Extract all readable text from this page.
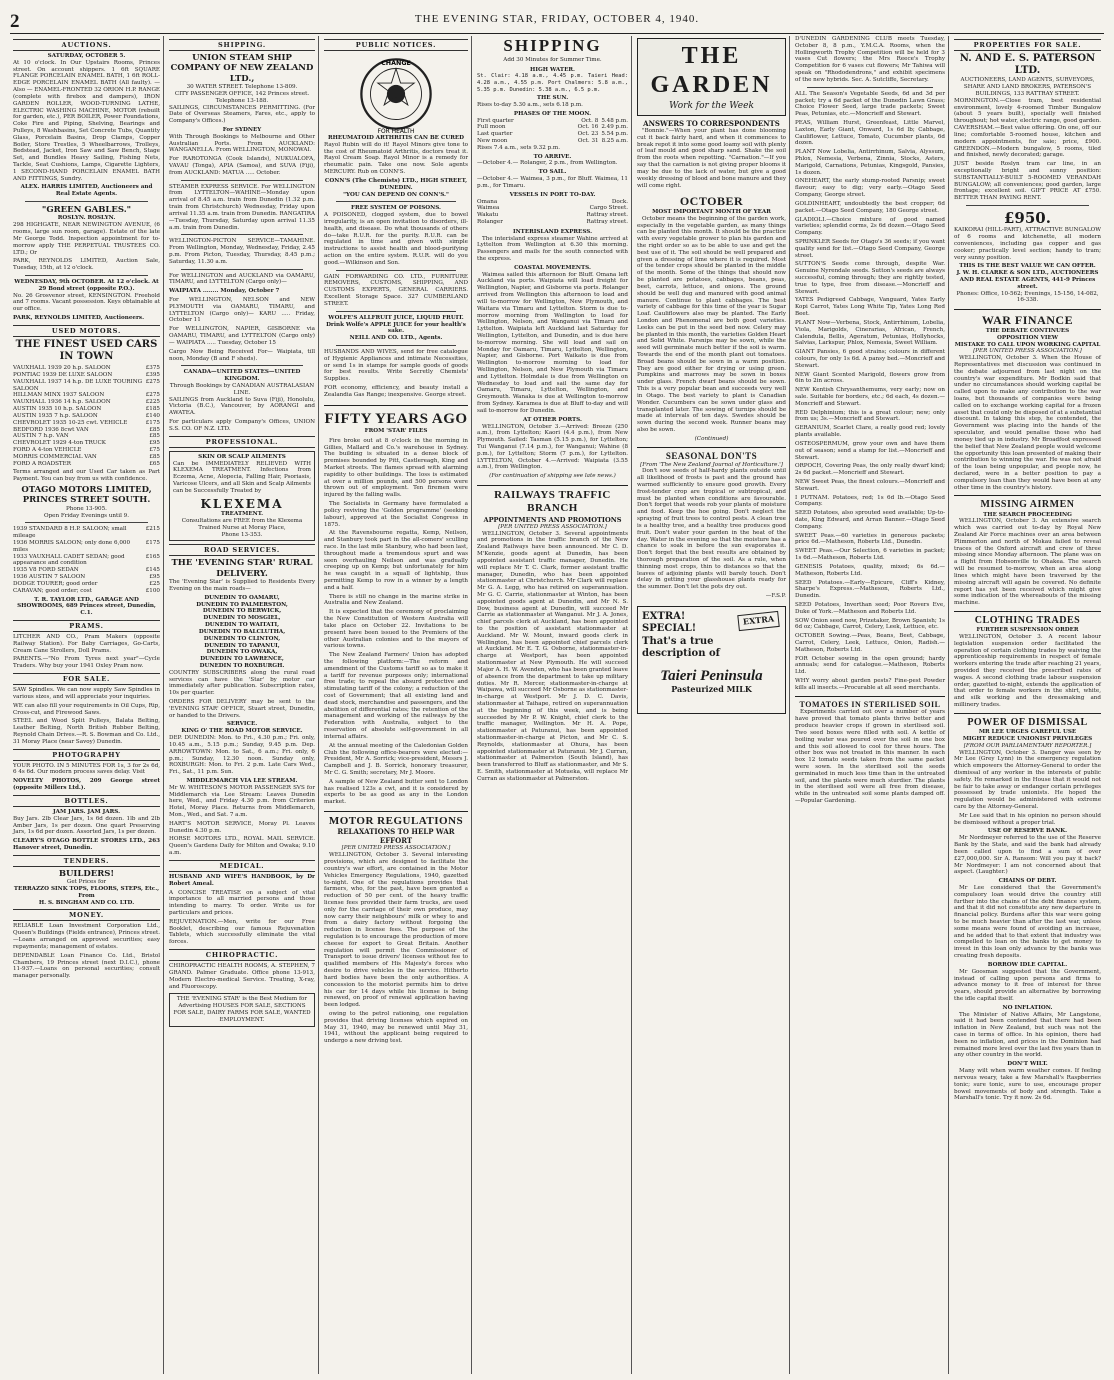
2	THE EVENING STAR, FRIDAY, OCTOBER 4, 1940.
AUCTIONS.
SATURDAY, OCTOBER 5.
At 10 o'clock. In Our Upstairs Rooms, Princes street. On account shippers. 1 6ft SQUARE FLANGE PORCELAIN ENAMEL BATH, 1 6ft ROLL-EDGE PORCELAIN ENAMEL BATH (All faulty). — Also — ENAMEL-FRONTED 32 ORION H.P. RANGE (complete with firebox and dampers), IRON GARDEN ROLLER, WOOD-TURNING LATHE, ELECTRIC WASHING MACHINE, MOTOR (rebuilt for garden, etc.), PER BOILER, Power Foundations, Coke Fire and Piping, Shelving, Bearings and Pulleys, 8 Washbasins, Set Concrete Tubs, Quantity Glass, Porcelain Basins, Drop Clamps, Copper Boiler, Store Trestles, 5 Wheelbarrows, Trolleys, Bedstead, Jacket, Iron Saw and Saw Bench, Stage Set, and Bundles Heavy Sailing, Fishing Nets, Tackle, Seat Cushions, Lamps, Cigarette Lighters, 1 SECOND-HAND PORCELAIN ENAMEL BATH AND FITTINGS, Sundry.
ALEX. HARRIS LIMITED, Auctioneers and Real Estate Agents.
"GREEN GABLES."
ROSLYN. ROSLYN.
298 HIGHGATE, NEAR NEWINGTON AVENUE, (6 rooms, large sun room, garage). Estate of the late Mr George Todd. Inspection appointment for to-morrow apply THE PERPETUAL TRUSTEES CO. LTD.; Or
PARK, REYNOLDS LIMITED, Auction Sale, Tuesday, 15th, at 12 o'clock.
WEDNESDAY, 9th OCTOBER. At 12 o'clock. At 29 Bond street (opposite P.O.).
No. 26 Grosvenor street, KENSINGTON. Freehold and 7 rooms. Vacant possession. Keys obtainable at our office.
PARK, REYNOLDS LIMITED, Auctioneers.
USED MOTORS.
THE FINEST USED CARS IN TOWN
VAUXHALL 1939 20 h.p. SALOON	£375
PONTIAC 1939 DE LUXE SALOON	£395
VAUXHALL 1937 14 h.p. DE LUXE TOURING SALOON
£275
HILLMAN MINX 1937 SALOON	£275
VAUXHALL 1936 14 h.p. SALOON	£225
AUSTIN 1935 10 h.p. SALOON	£185
AUSTIN 1935 7 h.p. SALOON	£140
CHEVROLET 1935 10-25 cwt. VEHICLE	£175
BEDFORD 1936 8cwt VAN	£85
AUSTIN 7 h.p. VAN	£85
CHEVROLET 1929 4-ton TRUCK	£95
FORD A 4-ton VEHICLE	£75
MORRIS COMMERCIAL VAN	£85
FORD A ROADSTER	£65
Terms arranged and our Used Car taken as Part Payment. You can buy from us with confidence.
OTAGO MOTORS LIMITED, PRINCES STREET SOUTH.
Phone 13-905.
Open Friday Evenings until 9.
1939 STANDARD 8 H.P. SALOON; small mileage
£215
1936 MORRIS SALOON; only done 6,000 miles
£175
1933 VAUXHALL CADET SEDAN; good appearance and condition
£165
1935 V8 FORD SEDAN	£145
1936 AUSTIN 7 SALOON	£95
DODGE TOURER; good order	£25
CARAVAN; good order; cost	£100
T. R. TAYLOR LTD., GARAGE AND SHOWROOMS, 689 Princes street, Dunedin, C.1.
PRAMS.
LITCHER AND CO., Pram Makers (opposite Railway Station). For Baby Carriages, Go-Carts, Cream Cane Strollers, Doll Prams.
PARENTS.—"No From Tyres next year"—Cycle Traders. Why buy your 1941 Oxley Pram now.
FOR SALE.
SAW Spindles. We can now supply Saw Spindles in various sizes, and will appreciate your inquiries.
WE can also fill your requirements in Oil Cups, Rip, Cross-cut, and Firewood Saws.
STEEL and Wood Split Pulleys, Balata Belting, Leather Belting, North British Rubber Belting, Reynold Chain Drives.—R. S. Bowman and Co. Ltd., 31 Moray Place (near Savoy) Dunedin.
PHOTOGRAPHY
YOUR PHOTO. IN 5 MINUTES FOR 1s, 3 for 2s 6d, 6 4s 6d. Our modern process saves delay. Visit
NOVELTY PHOTOS, 209 George street (opposite Millers Ltd.).
BOTTLES.
JAM JARS. JAM JARS.
Buy Jars. 2lb Clear Jars, 1s 6d dozen. 1lb and 2lb Amber Jars, 1s per dozen. One quart Preserving Jars, 1s 6d per dozen. Assorted Jars, 1s per dozen.
CLEARY'S OTAGO BOTTLE STORES LTD., 263 Hanover street, Dunedin.
TENDERS.
BUILDERS!
Get Prices for
TERRAZZO SINK TOPS, FLOORS, STEPS, Etc., From
H. S. BINGHAM AND CO. LTD.
MONEY.
RELIABLE Loan Investment Corporation Ltd., Queen's Buildings (Fields entrance), Princes street.—Loans arranged on approved securities; easy repayments; management of estates.
DEPENDABLE Loan Finance Co. Ltd., Bristol Chambers, 19 Princes street (next D.I.C.), phone 11-937.—Loans on personal securities; consult manager personally.
SHIPPING.
UNION STEAM SHIP COMPANY OF NEW ZEALAND LTD.,
30 WATER STREET. Telephone 13-809.
CITY PASSENGER OFFICE, 142 Princes street. Telephone 13-188.
SAILINGS, CIRCUMSTANCES PERMITTING. (For Date of Overseas Steamers, Fares, etc., apply to Company's Offices.)
For SYDNEY
With Through Bookings to Melbourne and Other Australian Ports. From AUCKLAND: WANGANELLA. From WELLINGTON, MONOWAI.
For RAROTONGA (Cook Islands), NUKUALOFA, VAVAU (Tonga), APIA (Samoa), and SUVA (Fiji), from AUCKLAND: MATUA ..... October.
STEAMER EXPRESS SERVICE. For WELLINGTON from LYTTELTON—WAHINE—Monday upon arrival of 8.45 a.m. train from Dunedin (1.32 p.m. train from Christchurch) Wednesday, Friday upon arrival 11.35 a.m. train from Dunedin. RANGATIRA—Tuesday, Thursday, Saturday upon arrival 11.35 a.m. train from Dunedin.
WELLINGTON-PICTON SERVICE—TAMAHINE. From Wellington, Monday, Wednesday, Friday, 2.45 p.m. From Picton, Tuesday, Thursday, 8.45 p.m.; Saturday, 11.30 a.m.
For WELLINGTON and AUCKLAND via OAMARU, TIMARU, and LYTTELTON (Cargo only)—
WAIPIATA ........ Monday, October 7
For WELLINGTON, NELSON and NEW PLYMOUTH via OAMARU, TIMARU, and LYTTELTON (Cargo only)— KARU ..... Friday, October 11
For WELLINGTON, NAPIER, GISBORNE via OAMARU, TIMARU, and LYTTELTON (Cargo only)— WAIPIATA ..... Tuesday, October 15
Cargo Now Being Received For— Waipiata, till noon, Monday (B and F sheds).
CANADA—UNITED STATES—UNITED KINGDOM.
Through Bookings by CANADIAN AUSTRALASIAN LINE.
SAILINGS from Auckland to Suva (Fiji), Honolulu, Victoria (B.C.), Vancouver, by AORANGI and AWATEA.
For particulars apply Company's Offices, UNION S.S. CO. OF N.Z. LTD.
PROFESSIONAL.
SKIN OR SCALP AILMENTS
Can be IMMEDIATELY RELIEVED WITH KLEXEMA TREATMENT. Infections from Eczema, Acne, Alopecia, Falling Hair, Psoriasis, Varicose Ulcers, and all Skin and Scalp Ailments can be Successfully Treated by
KLEXEMA
TREATMENT.
Consultations are FREE from the Klexema Trained Nurse at Moray Place,
Phone 13-353.
ROAD SERVICES.
THE 'EVENING STAR' RURAL DELIVERY.
The 'Evening Star' is Supplied to Residents Every Evening on the main roads—
DUNEDIN TO OAMARU,
DUNEDIN TO PALMERSTON,
DUNEDIN TO BERWICK,
DUNEDIN TO MOSGIEL,
DUNEDIN TO WAITATI,
DUNEDIN TO BALCLUTHA,
DUNEDIN TO CLINTON,
DUNEDIN TO TAPANUI,
DUNEDIN TO OWAKA,
DUNEDIN TO LAWRENCE,
DUNEDIN TO ROXBURGH.
COUNTRY SUBSCRIBERS along the rural road services can have the 'Star' by motor car immediately after publication. Subscription rates, 10s per quarter.
ORDERS FOR DELIVERY may be sent to the 'EVENING STAR' OFFICE, Stuart street, Dunedin, or handed to the Drivers.
SERVICE.
KING O' THE ROAD MOTOR SERVICE.
DEP. DUNEDIN: Mon. to Fri., 4.30 p.m.; Fri. only, 10.45 a.m., 5.15 p.m.; Sunday, 9.45 p.m. Dep. ARROWTOWN: Mon. to Sat., 6 a.m.; Fri. only, 6 p.m.; Sunday, 12.30 noon. Sunday only, ROXBURGH: Mon. to Fri. 2 p.m. Late Cars Wed., Fri., Sat., 11 p.m. Sun.
MIDDLEMARCH VIA LEE STREAM.
Mr W. WHITESON'S MOTOR PASSENGER SVS for Middlemarch via Lee Stream: Leaves Dunedin here, Wed., and Friday 4.30 p.m. from Criterion Hotel, Moray Place. Returns from Middlemarch, Mon., Wed., and Sat. 7 a.m.
HART'S MOTOR SERVICE, Moray Pl. Leaves Dunedin 4.30 p.m.
HORSE MOTORS LTD., ROYAL MAIL SERVICE. Queen's Gardens Daily for Milton and Owaka; 9.10 a.m.
MEDICAL.
HUSBAND AND WIFE'S HANDBOOK, by Dr Robert Ameal.
A CONCISE TREATISE on a subject of vital importance to all married persons and those intending to marry. To order. Write us for particulars and prices.
REJUVENATION.—Men, write for our Free Booklet, describing our famous Rejuvenation Tablets, which successfully eliminate the vital forces.
CHIROPRACTIC.
CHIROPRACTIC HEALTH ROOMS, A. STEPHEN, 7 GRAND. Palmer Graduate. Office phone 13-913, Modern Electro-medical Service. Treating, X-ray, and Fluoroscopy.
THE 'EVENING STAR' is the Best Medium for Advertising HOUSES FOR SALE, SECTIONS FOR SALE, DAIRY FARMS FOR SALE, WANTED EMPLOYMENT.
PUBLIC NOTICES.
CHANGE
FOR HEALTH
RHEUMATOID ARTHRITIS CAN BE CURED
Rayol Rubin will do it! Rayol Minors give tone to the cost of Rheumatoid Arthritis, doctors treat it. Rayol Cream Soap. Rayol Minor is a remedy for rheumatic pain. Take one now. Sole agents MERCURY. Rub on CONN'S.
CONN'S (The Chemists) LTD., HIGH STREET, DUNEDIN.
"YOU CAN DEPEND ON CONN'S."
FREE SYSTEM OF POISONS.
A POISONED, clogged system, due to bowel irregularity, is an open invitation to disorders, ill-health, and disease. Do what thousands of others do—take R.U.R. for the purity. R.U.R. can be regulated in time and given with simple instructions to assist health and blood-purifying action on the entire system. R.U.R. will do you good.—Wilkinson and Son.
GAIN FORWARDING CO. LTD., FURNITURE REMOVERS, CUSTOMS, SHIPPING, AND CUSTOMS EXPERTS, GENERAL CARRIERS. Excellent Storage Space. 327 CUMBERLAND STREET.
WOLFE'S ALLFRUIT JUICE, LIQUID FRUIT. Drink Wolfe's APPLE JUICE for your health's sake.
NEILL AND CO. LTD., Agents.
HUSBANDS AND WIVES, send for free catalogue of Hygienic Appliances and intimate Necessities, or send 1s in stamps for sample goods of goods for best results. Write Secretly Chemists' Supplies.
FOR economy, efficiency, and beauty install a Zealandia Gas Range; inexpensive. George street.
FIFTY YEARS AGO
FROM 'STAR' FILES
Fire broke out at 8 o'clock in the morning in Gillies, Mallard and Co.'s warehouse in Sydney. The building is situated in a dense block of premises bounded by Pitt, Castlereagh, King and Market streets. The flames spread with alarming rapidity to other buildings. The loss is estimated at over a million pounds, and 500 persons were thrown out of employment. Ten firemen were injured by the falling walls.
The Socialists in Germany have formulated a policy reviving the 'Golden programme' (seeking labour), approved at the Socialist Congress in 1875.
At the Ravensbourne regatta, Kemp, Neilson, and Stanbury took part in the all-comers' sculling race. In the last mile Stanbury, who had been last, throughout made a tremendous spurt and was seen overhauling Neilson and was gradually creeping up on Kemp; but unfortunately for him he was caught in a squall of lightship, thus permitting Kemp to row in a winner by a length and a half.
There is still no change in the marine strike in Australia and New Zealand.
It is expected that the ceremony of proclaiming the New Constitution of Western Australia will take place on October 22. Invitations to be present have been issued to the Premiers of the other Australian colonies and to the mayors of various towns.
The New Zealand Farmers' Union has adopted the following platform:—The reform and amendment of the Customs tariff so as to make it a tariff for revenue purposes only; international free trade; to repeal the absurd protective and stimulating tariff of the colony; a reduction of the cost of Government; that all existing land and dead stock, merchandise and passengers, and the abolition of differential rates; the retention of the management and working of the railways by the Federation with Australia, subject to the reservation of absolute self-government in all internal affairs.
At the annual meeting of the Caledonian Golden Club the following office-bearers were elected:—President, Mr A. Sorrick; vice-president, Messrs J. Campbell and J. B. Sorrick, honorary treasurer, Mr C. G. Smith; secretary, Mr J. Moore.
A sample of New Zealand butter sent to London has realised 123s a cwt, and it is considered by experts to be as good as any in the London market.
MOTOR REGULATIONS
RELAXATIONS TO HELP WAR EFFORT
[PER UNITED PRESS ASSOCIATION.]
WELLINGTON, October 3. Several interesting provisions, which are designed to facilitate the country's war effort, are contained in the Motor Vehicles Emergency Regulations, 1940, gazetted to-night. One of the regulations provides that farmers, who, for the past, have been granted a reduction of 50 per cent. of the heavy traffic license fees provided their farm trucks, are used only for the carriage of their own produce, may now carry their neighbours' milk or whey to and from a dairy factory without forgoing the reduction in license fees. The purpose of the regulation is to encourage the production of more cheese for export to Great Britain. Another regulation will permit the Commissioner of Transport to issue drivers' licenses without fee to qualified members of His Majesty's forces who desire to drive vehicles in the service. Hitherto hard bodies have been the only authorities. A concession to the motorist permits him to drive his car for 14 days while his license is being renewed, on proof of renewal application having been lodged.
owing to the petrol rationing, one regulation provides that driving licenses which expired on May 31, 1940, may be renewed until May 31, 1941, without the applicant being required to undergo a new driving test.
SHIPPING
Add 30 Minutes for Summer Time.
HIGH WATER.
St. Clair: 4.18 a.m., 4.45 p.m. Taieri Head: 4.28 a.m., 4.55 p.m. Port Chalmers: 5.8 a.m., 5.35 p.m. Dunedin: 5.38 a.m., 6.5 p.m.
THE SUN.
Rises to-day 5.30 a.m., sets 6.18 p.m.
PHASES OF THE MOON.
First quarter	Oct. 8 5.48 p.m.
Full moon	Oct. 16 2.49 p.m.
Last quarter	Oct. 23 5.54 p.m.
New moon	Oct. 31 8.25 a.m.
Rises 7.4 a.m., sets 9.32 p.m.
TO ARRIVE.
—October 4.— Rolanger, 2 p.m., from Wellington.
TO SAIL.
—October 4.— Waimea, 3 p.m., for Bluff. Waimea, 11 p.m., for Timaru.
VESSELS IN PORT TO-DAY.
Omana	Dock.
Waimea	Cargo Street.
Wakatu	Rattray street.
Rolanger	Rattray street.
INTERISLAND EXPRESS.
The interisland express steamer Wahine arrived at Lyttelton from Wellington at 6.30 this morning. Passengers and mails for the south connected with the express.
COASTAL MOVEMENTS.
Waimea sailed this afternoon for Bluff. Omana left Auckland via ports. Waipiata will load freight for Wellington, Napier, and Gisborne via ports. Rolanger arrived from Wellington this afternoon to load and will to-morrow for Wellington, New Plymouth, and Waitara via Timaru and Lyttelton. Storm is due to-morrow morning from Wellington to load for Wellington, Nelson, and Wanganui via Timaru and Lyttelton. Waipiata left Auckland last Saturday for Wellington, Lyttelton, and Dunedin, and is due here to-morrow morning. She will load and sail on Monday for Oamaru, Timaru, Lyttelton, Wellington, Napier, and Gisborne. Port Waikato is due from Wellington to-morrow morning to load for Wellington, Nelson, and New Plymouth via Timaru and Lyttelton. Holmdale is due from Wellington on Wednesday to load and sail the same day for Oamaru, Timaru, Lyttelton, Wellington, and Greymouth. Wanaka is due at Wellington to-morrow from Sydney. Karamea is due at Bluff to-day and will sail to-morrow for Dunedin.
AT OTHER PORTS.
WELLINGTON, October 3.—Arrived: Breeze (250 a.m.), from Lyttelton; Kaori (4.4 p.m.), from New Plymouth. Sailed: Tasman (5.15 p.m.), for Lyttelton; Tui Wanganui (7.14 p.m.), for Wanganui; Wahine (8 p.m.), for Lyttelton; Storm (7 p.m.), for Lyttelton. LYTTELTON, October 4.—Arrived: Waipiata (3.55 a.m.), from Wellington.
(For continuation of shipping see late news.)
RAILWAYS TRAFFIC BRANCH
APPOINTMENTS AND PROMOTIONS
[PER UNITED PRESS ASSOCIATION.]
WELLINGTON, October 3. Several appointments and promotions in the traffic branch of the New Zealand Railways have been announced. Mr C. D. M'Kenzie, goods agent at Dunedin, has been appointed assistant traffic manager, Dunedin. He will replace Mr T. C. Clark, former assistant traffic manager, Dunedin, who has been appointed stationmaster at Christchurch. Mr Clark will replace Mr G. A. Legg, who has retired on superannuation. Mr G. C. Carrie, stationmaster at Winton, has been appointed goods agent at Dunedin, and Mr N. S. Dow, business agent at Dunedin, will succeed Mr Carrie as stationmaster at Wanganui. Mr J. A. Jones, chief parcels clerk at Auckland, has been appointed to the position of assistant stationmaster at Auckland. Mr W. Mount, inward goods clerk in Wellington, has been appointed chief parcels clerk at Auckland. Mr E. T. G. Osborne, stationmaster-in-charge at Westport, has been appointed stationmaster at New Plymouth. He will succeed Major A. H. W. Avenden, who has been granted leave of absence from the department to take up military duties. Mr R. Mercer, stationmaster-in-charge at Waipawa, will succeed Mr Osborne as stationmaster-in-charge at Westport. Mr J. D. C. Davis, stationmaster at Taihape, retired on superannuation at the beginning of this week, and is being succeeded by Mr P. W. Knight, chief clerk to the traffic manager, Wellington. Mr H. A. Pope, stationmaster at Paturanui, has been appointed stationmaster-in-charge at Picton, and Mr C. S. Reynolds, stationmaster at Ohura, has been appointed stationmaster at Paturanui. Mr J. Curran, stationmaster at Palmerston (South Island), has been transferred to Bluff as stationmaster, and Mr S. E. Smith, stationmaster at Motueka, will replace Mr Curran as stationmaster at Palmerston.
THE GARDEN
Work for the Week
ANSWERS TO CORRESPONDENTS
"Bonnie."—When your plant has done blooming cut it back fairly hard, and when it commences to break repot it into some good loamy soil with plenty of leaf mould and good sharp sand. Shake the soil from the roots when repotting. "Carnation."—If you say that the carnation is not giving proper blooms it may be due to the lack of water, but give a good weekly dressing of blood and bone manure and they will come right.
OCTOBER
MOST IMPORTANT MONTH OF YEAR
October means the beginning of the garden work, especially in the vegetable garden, as many things can be planted this month. It should be the practice with every vegetable grower to plan his garden and the right order so as to be able to use and get the best use of it. The soil should be well prepared and given a dressing of lime where it is required. Most of the tender crops should be planted in the middle of the month. Some of the things that should now be planted are potatoes, cabbages, beans, peas, beet, carrots, lettuce, and onions. The ground should be well dug and manured with good animal manure. Continue to plant cabbages. The best variety of cabbage for this time of the year is Sugar Loaf. Cauliflowers also may be planted. The Early London and Phenomenal are both good varieties. Leeks can be put in the seed bed now. Celery may be planted in this month, the varieties Golden Heart and Solid White. Parsnips may be sown, while the seed will germinate much better if the soil is warm. Towards the end of the month plant out tomatoes. Broad beans should be sown in a warm position. They are good either for drying or using green. Pumpkins and marrows may be sown in boxes under glass. French dwarf beans should be sown. This is a very popular bean and succeeds very well in Otago. The best variety to plant is Canadian Wonder. Cucumbers can be sown under glass and transplanted later. The sowing of turnips should be made at intervals of ten days. Swedes should be sown during the second week. Runner beans may also be sown.
(Continued)
SEASONAL DON'TS
[From 'The New Zealand Journal of Horticulture.']
Don't sow seeds of half-hardy plants outside until all likelihood of frosts is past and the ground has warmed sufficiently to ensure good growth. Every frost-tender crop are tropical or subtropical, and must be planted when conditions are favourable. Don't forget that weeds rob your plants of moisture and food. Keep the hoe going. Don't neglect the spraying of fruit trees to control pests. A clean tree is a healthy tree, and a healthy tree produces good fruit. Don't water your garden in the heat of the day. Water in the evening so that the moisture has a chance to soak in before the sun evaporates it. Don't forget that the best results are obtained by thorough preparation of the soil. As a rule, when thinning most crops, thin to distances so that the leaves of adjoining plants will barely touch. Don't delay in getting your glasshouse plants ready for the summer. Don't let the pots dry out.
—F.S.P.
EXTRA
EXTRA! SPECIAL! That's a true description of
Taieri Peninsula
Pasteurized MILK
D'UNEDIN GARDENING CLUB meets Tuesday, October 8, 8 p.m., Y.M.C.A. Rooms, when the Hollingworth Trophy Competition will be held for 3 vases Cut flowers; the Mrs Reece's Trophy Competition for 6 vases cut flowers; Mr Tahiwa will speak on "Rhododendrons," and exhibit specimens of the new hybrids. Sec. A. Sutcliffe, Secretary.
ALL The Season's Vegetable Seeds, 6d and 3d per packet; try a 6d packet of the Dunedin Lawn Grass; Choice Flower Seed, large trade packets; Sweet Peas, Petunias, etc.—Moncrieff and Stewart.
PEAS, William Hurst, Greenfeast, Little Marvel, Laxton, Early Giant, Onward, 1s 6d lb; Cabbage, Cauliflower, Lettuce, Tomato, Cucumber plants, 6d dozen.
PLANT Now Lobelia, Antirrhinum, Salvia, Alyssum, Phlox, Nemesia, Verbena, Zinnia, Stocks, Asters, Marigold, Carnations, Petunias, Kingsgold, Pansies, 1s dozen.
ONEHEART, the early stump-rooted Parsnip; sweet flavour; easy to dig; very early.—Otago Seed Company, George street.
GOLDINHEART, undoubtedly the best cropper; 6d packet.—Otago Seed Company, 180 George street.
GLADIOLI.—Choice mixture of good named varieties; splendid corms, 2s 6d dozen.—Otago Seed Company.
SPRINKLER Seeds for Otago's 36 seeds; if you want quality send for list.—Otago Seed Company, George street.
SUTTON'S Seeds come through, despite War. Genuine Nyrendale seeds. Sutton's seeds are always successful, coming through; they are rightly tested, true to type, free from disease.—Moncrieff and Stewart.
YATES Pedigreed Cabbage, Vanguard, Yates Early Kopi Carrot, Yates Long White Tip, Yates Long Red Beet.
PLANT Now—Verbena, Stock, Antirrhinum, Lobelia, Viola, Marigolds, Cinerarias, African, French, Calendula, Bellis, Ageratum, Petunias, Hollyhocks, Salvias, Larkspur, Phlox, Nemesia, Sweet William.
GIANT Pansies, 6 good strains; colours in different colours, for only 1s 6d. A pansy bed.—Moncrieff and Stewart.
NEW Giant Scented Marigold, flowers grow from 6in to 2in across.
NEW Kentish Chrysanthemums, very early; now on sale. Suitable for borders, etc.; 6d each, 4s dozen.—Moncrieff and Stewart.
RED Delphinium; this is a great colour; new; only from us; 3s.—Moncrieff and Stewart.
GERANIUM, Scarlet Clare, a really good red; lovely plants available.
OSTEOSPERMUM, grow your own and have them out of season; send a stamp for list.—Moncrieff and Stewart.
ORPOCH, Covering Peas, the only really dwarf kind; 2s 6d packet.—Moncrieff and Stewart.
NEW Sweet Peas, the finest colours.—Moncrieff and Stewart.
I PUTNAM. Potatoes, red; 1s 6d lb.—Otago Seed Company.
SEED Potatoes, also sprouted seed available; Up-to-date, King Edward, and Arran Banner.—Otago Seed Company.
SWEET Peas.—60 varieties in generous packets; price 6d.—Matheson, Roberts Ltd., Dunedin.
SWEET Peas.—Our Selection, 6 varieties in packet; 1s 6d.—Matheson, Roberts Ltd.
GENESIS Potatoes, quality, mixed; 6s 6d.—Matheson, Roberts Ltd.
SEED Potatoes.—Early—Epicure, Cliff's Kidney, Sharpe's Express.—Matheson, Roberts Ltd., Dunedin.
SEED Potatoes, Inverthan seed; Poor Rovers Eve, Duke of York.—Matheson and Roberts Ltd.
SOW Onion seed now, Prizetaker, Brown Spanish; 1s 6d oz; Cabbage, Carrot, Celery, Leek, Lettuce, etc.
OCTOBER Sowing.—Peas, Beans, Beet, Cabbage, Carrot, Celery, Leek, Lettuce, Onion, Radish.—Matheson, Roberts Ltd.
FOR October sowing in the open ground; hardy annuals; send for catalogue.—Matheson, Roberts Ltd.
WHY worry about garden pests? Fine-pest Powder kills all insects.—Procurable at all seed merchants.
TOMATOES IN STERILISED SOIL
Experiments carried out over a number of years have proved that tomato plants thrive better and produce heavier crops if grown in sterilised soil. Two seed boxes were filled with soil. A kettle of boiling water was poured over the soil in one box and this soil allowed to cool for three hours. The other box was not treated in this manner. In each box 12 tomato seeds taken from the same packet were sown. In the sterilised soil the seeds germinated in much less time than in the untreated soil, and the plants were much sturdier. The plants in the sterilised soil were all free from disease, while in the untreated soil some plants damped off.—Popular Gardening.
PROPERTIES FOR SALE.
N. AND E. S. PATERSON LTD.
AUCTIONEERS, LAND AGENTS, SURVEYORS, SHARE AND LAND BROKERS, PATERSON'S BUILDINGS, 133 RATTRAY STREET.
MORNINGTON.—Close tram, best residential environment, lovely 4-roomed Timber Bungalow (about 5 years built), specially well finished throughout; hot water, electric range, good garden. CAVERSHAM.—Best value offering. On one, off our line; comfortable 5-roomed house, kitchen and modern appointments, for saie; price, £900. GREENDON.—Modern bungalow, 5 rooms, tiled and finished, newly decorated; garage.
JUST beside Roslyn tram car line, in an exceptionally bright and sunny position: SUBSTANTIALLY-BUILT 5-ROOMED VERANDAH BUNGALOW; all conveniences; good garden, large frontage; excellent soil. GIFT PRICE AT £750. BETTER THAN PAYING RENT.
£950.
KAIKORAI (HILL-PART), ATTRACTIVE BUNGALOW of 6 rooms and kitchenette, all modern conveniences, including gas copper and gas cooker; practically level section; handy to tram; very sunny position.
THIS IS THE BEST VALUE WE CAN OFFER.
J. W. H. CLARKE & SON LTD., AUCTIONEERS AND REAL ESTATE AGENTS, 441-9 Princes street.
Phones: Office, 10-562; Evenings, 15-156, 14-082, 16-338.
WAR FINANCE
THE DEBATE CONTINUES
OPPOSITION VIEW
MISTAKE TO CALL UPON WORKING CAPITAL
[PER UNITED PRESS ASSOCIATION.]
WELLINGTON, October 3. When the House of Representatives met discussion was continued in the debate adjourned from last night on the country's war expenditure. Mr Bodkin said that under no circumstances should working capital be called upon to make any contribution to the war loans, but thousands of companies were being called on to exchange working capital for a frozen asset that could only be disposed of at a substantial discount. In taking this step, he contended, the Government was placing into the hands of the speculator, and would penalise those who had money tied up in industry. Mr Broadfoot expressed the belief that New Zealand people would welcome the opportunity this loan presented of making their contribution to winning the war. He was not afraid of the loan being unpopular, and people now, he declared, were in a better position to pay a compulsory loan than they would have been at any other time in the country's history.
MISSING AIRMEN
THE SEARCH PROCEEDING
WELLINGTON, October 3. An extensive search which was carried out to-day by Royal New Zealand Air Force machines over an area between Plimmerton and north of Mokau failed to reveal traces of the Oxford aircraft and crew of three missing since Monday afternoon. The plane was on a flight from Hobsonville to Ohakea. The search will be resumed to-morrow, when an area along lines which might have been traversed by the missing aircraft will again be covered. No definite report has yet been received which might give some indication of the whereabouts of the missing machine.
CLOTHING TRADES
FURTHER SUSPENSION ORDER
WELLINGTON, October 3. A recent labour legislation suspension order facilitated the operation of certain clothing trades by waiving the apprenticeship requirements in respect of female workers entering the trade after reaching 21 years, provided they received the prescribed rates of wages. A second clothing trade labour suspension order, gazetted to-night, extends the application of that order to female workers in the shirt, white, and silk working and the dressmaking and millinery trades.
POWER OF DISMISSAL
MR LEE URGES CAREFUL USE
MIGHT REDUCE UNIONIST PRIVILEGES
[FROM OUR PARLIAMENTARY REPORTER.]
WELLINGTON, October 3. Danger was seen by Mr Lee (Grey Lynn) in the emergency regulation which empowers the Attorney-General to order the dismissal of any worker in the interests of public safety. He remarked in the House that it would not be fair to take away or endanger certain privileges possessed by trade unionists. He hoped the regulation would be administered with extreme care by the Attorney-General.
Mr Lee said that in his opinion no person should be dismissed without a proper trial.
USE OF RESERVE BANK.
Mr Nordmeyer referred to the use of the Reserve Bank by the State, and said the bank had already been called upon to find a sum of over £27,000,000. Sir A. Ransom: Will you pay it back? Mr Nordmeyer: I am not concerned about that aspect. (Laughter.)
CHAINS OF DEBT.
Mr Lee considered that the Government's compulsory loan would drive the country still further into the chains of the debt finance system, and that it did not constitute any new departure in financial policy. Burdens after this war were going to be much heavier than after the last war, unless some means were found of avoiding an increase, and he added that to that extent that industry was compelled to lean on the banks to get money to invest in this loan only advance by the banks was creating fresh deposits.
BORROW IDLE CAPITAL.
Mr Goosman suggested that the Government, instead of calling upon persons and firms to advance money to it free of interest for three years, should provide an alternative by borrowing the idle capital itself.
NO INFLATION.
The Minister of Native Affairs, Mr Langstone, said it had been contended that there had been inflation in New Zealand, but such was not the case in terms of office. In his opinion, there had been no inflation, and prices in the Dominion had remained more level over the last five years than in any other country in the world.
DON'T WILT.
Many wilt when warm weather comes. If feeling nervous weary, take a few Marshall's Raspberries tonic; sure tonic, sure to use, encourage proper bowel movements of body and strength. Take a Marshall's tonic. Try it now. 2s 6d.
